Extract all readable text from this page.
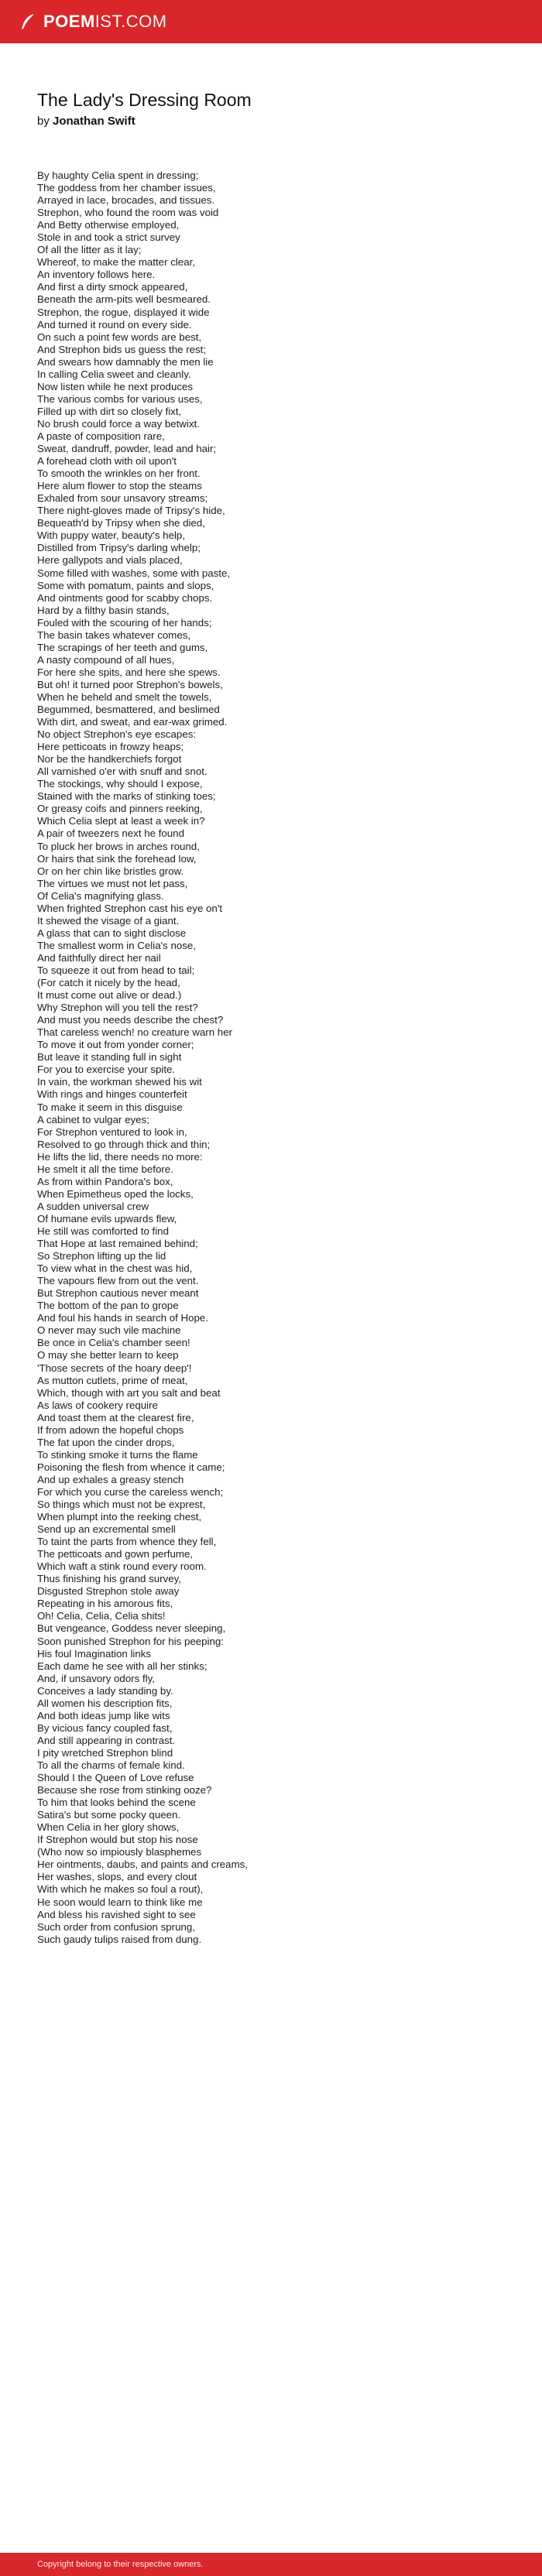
POEMIST.COM
The Lady's Dressing Room
by Jonathan Swift
By haughty Celia spent in dressing;
The goddess from her chamber issues,
Arrayed in lace, brocades, and tissues.
Strephon, who found the room was void
And Betty otherwise employed,
Stole in and took a strict survey
Of all the litter as it lay;
Whereof, to make the matter clear,
An inventory follows here.
And first a dirty smock appeared,
Beneath the arm-pits well besmeared.
Strephon, the rogue, displayed it wide
And turned it round on every side.
On such a point few words are best,
And Strephon bids us guess the rest;
And swears how damnably the men lie
In calling Celia sweet and cleanly.
Now listen while he next produces
The various combs for various uses,
Filled up with dirt so closely fixt,
No brush could force a way betwixt.
A paste of composition rare,
Sweat, dandruff, powder, lead and hair;
A forehead cloth with oil upon't
To smooth the wrinkles on her front.
Here alum flower to stop the steams
Exhaled from sour unsavory streams;
There night-gloves made of Tripsy's hide,
Bequeath'd by Tripsy when she died,
With puppy water, beauty's help,
Distilled from Tripsy's darling whelp;
Here gallypots and vials placed,
Some filled with washes, some with paste,
Some with pomatum, paints and slops,
And ointments good for scabby chops.
Hard by a filthy basin stands,
Fouled with the scouring of her hands;
The basin takes whatever comes,
The scrapings of her teeth and gums,
A nasty compound of all hues,
For here she spits, and here she spews.
But oh! it turned poor Strephon's bowels,
When he beheld and smelt the towels,
Begummed, besmattered, and beslimed
With dirt, and sweat, and ear-wax grimed.
No object Strephon's eye escapes:
Here petticoats in frowzy heaps;
Nor be the handkerchiefs forgot
All varnished o'er with snuff and snot.
The stockings, why should I expose,
Stained with the marks of stinking toes;
Or greasy coifs and pinners reeking,
Which Celia slept at least a week in?
A pair of tweezers next he found
To pluck her brows in arches round,
Or hairs that sink the forehead low,
Or on her chin like bristles grow.
The virtues we must not let pass,
Of Celia's magnifying glass.
When frighted Strephon cast his eye on't
It shewed the visage of a giant.
A glass that can to sight disclose
The smallest worm in Celia's nose,
And faithfully direct her nail
To squeeze it out from head to tail;
(For catch it nicely by the head,
It must come out alive or dead.)
Why Strephon will you tell the rest?
And must you needs describe the chest?
That careless wench! no creature warn her
To move it out from yonder corner;
But leave it standing full in sight
For you to exercise your spite.
In vain, the workman shewed his wit
With rings and hinges counterfeit
To make it seem in this disguise
A cabinet to vulgar eyes;
For Strephon ventured to look in,
Resolved to go through thick and thin;
He lifts the lid, there needs no more:
He smelt it all the time before.
As from within Pandora's box,
When Epimetheus oped the locks,
A sudden universal crew
Of humane evils upwards flew,
He still was comforted to find
That Hope at last remained behind;
So Strephon lifting up the lid
To view what in the chest was hid,
The vapours flew from out the vent.
But Strephon cautious never meant
The bottom of the pan to grope
And foul his hands in search of Hope.
O never may such vile machine
Be once in Celia's chamber seen!
O may she better learn to keep
'Those secrets of the hoary deep'!
As mutton cutlets, prime of meat,
Which, though with art you salt and beat
As laws of cookery require
And toast them at the clearest fire,
If from adown the hopeful chops
The fat upon the cinder drops,
To stinking smoke it turns the flame
Poisoning the flesh from whence it came;
And up exhales a greasy stench
For which you curse the careless wench;
So things which must not be exprest,
When plumpt into the reeking chest,
Send up an excremental smell
To taint the parts from whence they fell,
The petticoats and gown perfume,
Which waft a stink round every room.
Thus finishing his grand survey,
Disgusted Strephon stole away
Repeating in his amorous fits,
Oh! Celia, Celia, Celia shits!
But vengeance, Goddess never sleeping,
Soon punished Strephon for his peeping:
His foul Imagination links
Each dame he see with all her stinks;
And, if unsavory odors fly,
Conceives a lady standing by.
All women his description fits,
And both ideas jump like wits
By vicious fancy coupled fast,
And still appearing in contrast.
I pity wretched Strephon blind
To all the charms of female kind.
Should I the Queen of Love refuse
Because she rose from stinking ooze?
To him that looks behind the scene
Satira's but some pocky queen.
When Celia in her glory shows,
If Strephon would but stop his nose
(Who now so impiously blasphemes
Her ointments, daubs, and paints and creams,
Her washes, slops, and every clout
With which he makes so foul a rout),
He soon would learn to think like me
And bless his ravished sight to see
Such order from confusion sprung,
Such gaudy tulips raised from dung.
Copyright belong to their respective owners.
